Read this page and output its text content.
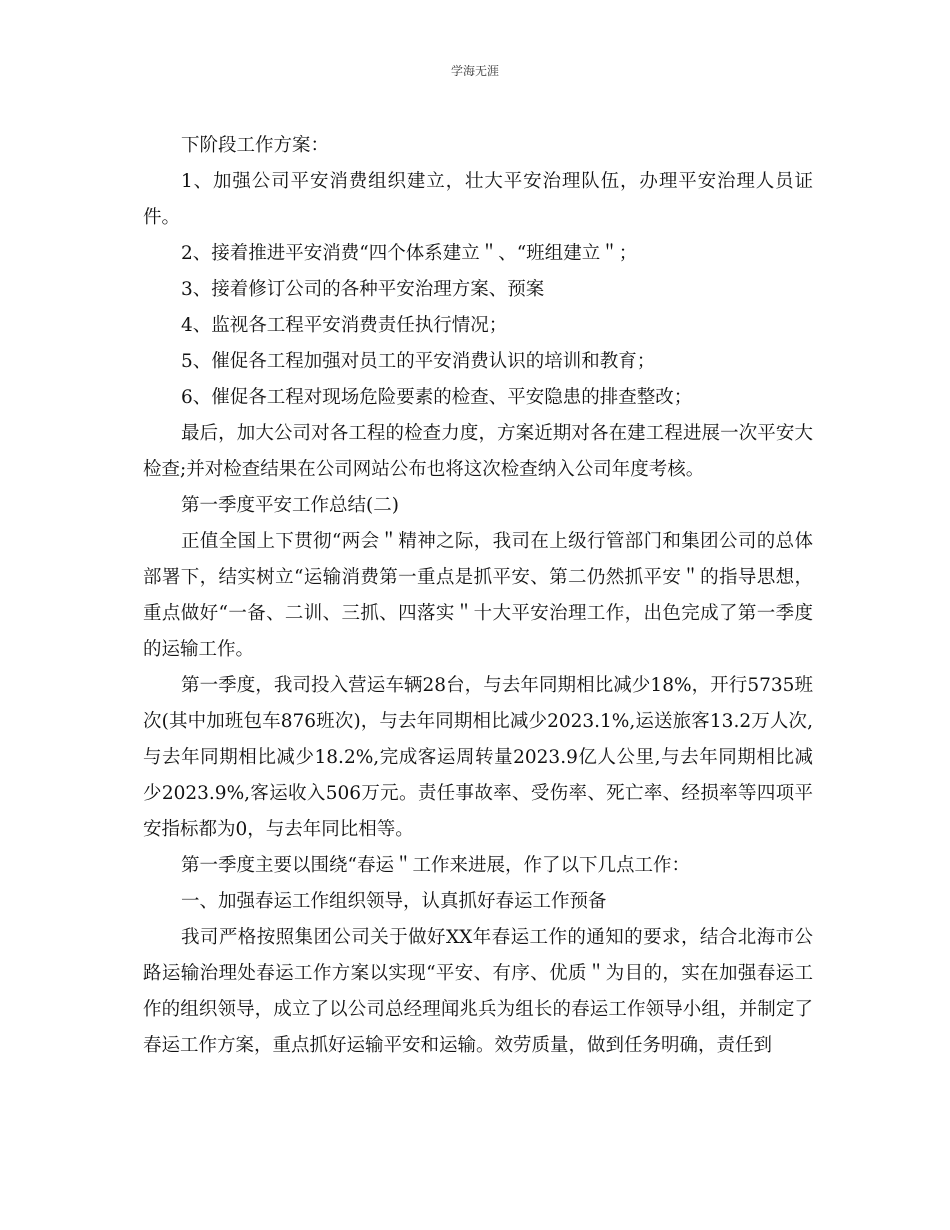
学海无涯

下阶段工作方案：

1、加强公司平安消费组织建立，壮大平安治理队伍，办理平安治理人员证件。

2、接着推进平安消费“四个体系建立＂、“班组建立＂；

3、接着修订公司的各种平安治理方案、预案

4、监视各工程平安消费责任执行情况；

5、催促各工程加强对员工的平安消费认识的培训和教育；

6、催促各工程对现场危险要素的检查、平安隐患的排查整改；

最后，加大公司对各工程的检查力度，方案近期对各在建工程进展一次平安大检查;并对检查结果在公司网站公布也将这次检查纳入公司年度考核。

第一季度平安工作总结(二)

正值全国上下贯彻“两会＂精神之际，我司在上级行管部门和集团公司的总体部署下，结实树立“运输消费第一重点是抓平安、第二仍然抓平安＂的指导思想，重点做好“一备、二训、三抓、四落实＂十大平安治理工作，出色完成了第一季度的运输工作。

第一季度，我司投入营运车辆28台，与去年同期相比减少18%，开行5735班次(其中加班包车876班次)，与去年同期相比减少2023.1%,运送旅客13.2万人次,与去年同期相比减少18.2%,完成客运周转量2023.9亿人公里,与去年同期相比减少2023.9%,客运收入506万元。责任事故率、受伤率、死亡率、经损率等四项平安指标都为0，与去年同比相等。

第一季度主要以围绕“春运＂工作来进展，作了以下几点工作：

一、加强春运工作组织领导，认真抓好春运工作预备

我司严格按照集团公司关于做好XX年春运工作的通知的要求，结合北海市公路运输治理处春运工作方案以实现“平安、有序、优质＂为目的，实在加强春运工作的组织领导，成立了以公司总经理闻兆兵为组长的春运工作领导小组，并制定了春运工作方案，重点抓好运输平安和运输。效劳质量，做到任务明确，责任到
